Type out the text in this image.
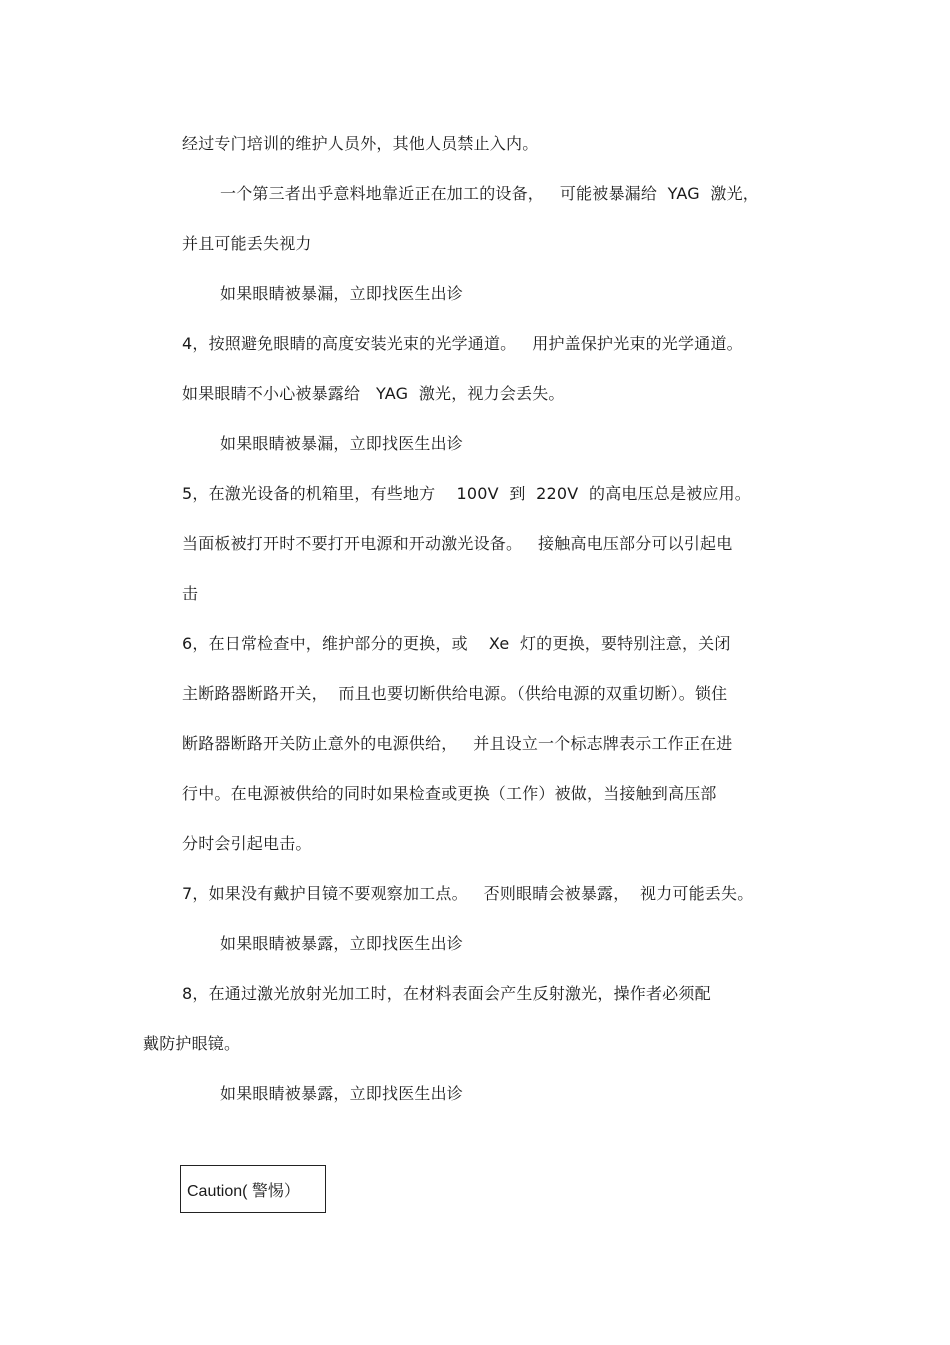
经过专门培训的维护人员外，其他人员禁止入内。
一个第三者出乎意料地靠近正在加工的设备，   可能被暴漏给  YAG  激光，
并且可能丢失视力
如果眼睛被暴漏，立即找医生出诊
4，按照避免眼睛的高度安装光束的光学通道。   用护盖保护光束的光学通道。
如果眼睛不小心被暴露给   YAG  激光，视力会丢失。
如果眼睛被暴漏，立即找医生出诊
5，在激光设备的机箱里，有些地方    100V  到  220V  的高电压总是被应用。
当面板被打开时不要打开电源和开动激光设备。   接触高电压部分可以引起电
击
6，在日常检查中，维护部分的更换，或    Xe  灯的更换，要特别注意，关闭
主断路器断路开关，  而且也要切断供给电源。（供给电源的双重切断）。锁住
断路器断路开关防止意外的电源供给，   并且设立一个标志牌表示工作正在进
行中。在电源被供给的同时如果检查或更换（工作）被做，当接触到高压部
分时会引起电击。
7，如果没有戴护目镜不要观察加工点。   否则眼睛会被暴露，  视力可能丢失。
如果眼睛被暴露，立即找医生出诊
8，在通过激光放射光加工时，在材料表面会产生反射激光，操作者必须配
戴防护眼镜。
如果眼睛被暴露，立即找医生出诊
Caution( 警惕）
